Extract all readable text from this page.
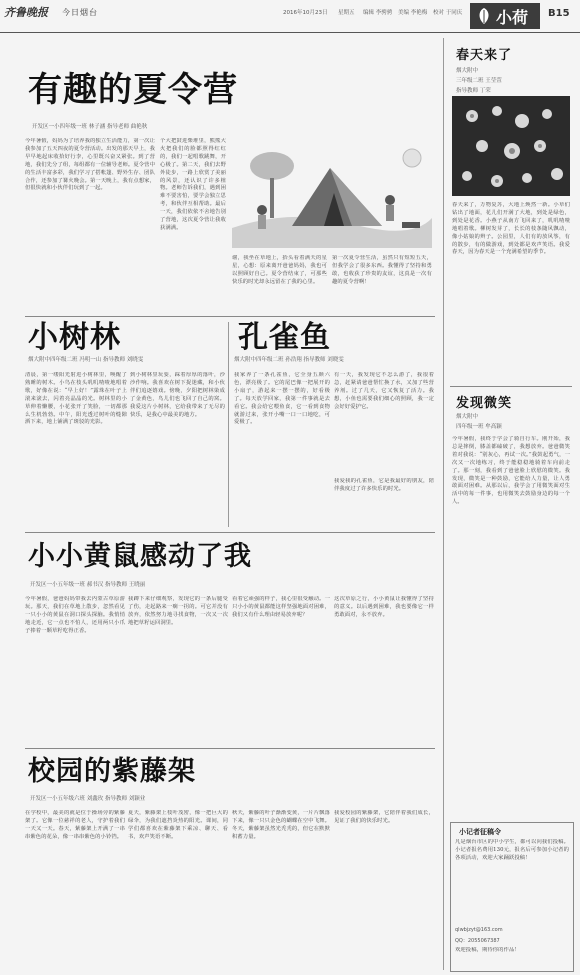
齐鲁晚报 今日烟台	2016年10月23日 星期五 编辑 李骋骋 美编 李艳梅 校对 于同庆 小荷 B15
有趣的夏令营
开发区一小四年级一班 林子涵 指导老师 曲艳秋
今年暑假，妈妈为了培养我的独立生活能力，第一次让我参加了五天四夜的夏令营活动。出发的那天早上，我早早地起床收拾好行李，心里既兴奋又紧张。到了营地，我们先分了组，每组都有一位辅导老师。夏令营中的生活丰富多彩，我们学习了搭帐篷、野外生存、团队合作，还参加了篝火晚会。第一天晚上，我有点想家，但很快就和小伙伴们玩到了一起。
个大把鼓进柴堆里，熊熊大火把我们的脸都照得红红的，我们一起唱歌跳舞，开心极了。第二天，我们去野外徒步，一路上欣赏了美丽的风景，还认识了许多植物。老师告诉我们，遇到困难不要害怕，要学会独立思考，和伙伴互相帮助。最后一天，我们依依不舍地告别了营地，这次夏令营让我收获满满。
谢，我坐在草地上，抬头看着满天的星星，心想：原来离开爸爸妈妈，我也可以照顾好自己。夏令营结束了，可那些快乐的时光却永远留在了我的心里。
第一次夏令营生活，虽然只有短短五天，但我学会了很多东西。我懂得了坚持和勇敢，也收获了珍贵的友谊，这真是一次有趣的夏令营啊！
小树林
烟大附中四年级二班 冯明一山 指导教师 刘晓雯
清晨，第一缕阳光射进小树林里，唤醒了熟睡的树木。小鸟在枝头叽叽喳喳地唱着歌，好像在说：“早上好！”露珠在叶子上滚来滚去，闪着亮晶晶的光。树林里的小草伸着懒腰，小花张开了笑脸，一切都那么生机勃勃。中午，阳光透过树叶的缝隙洒下来，地上铺满了斑驳的光影。
到小树林里玩耍，踩着厚厚的落叶，沙沙作响。我喜欢在树下捉迷藏，和小伙伴们追逐嬉戏。傍晚，夕阳把树林染成了金黄色，鸟儿们也飞回了自己的窝。我爱这片小树林，它给我带来了无尽的快乐，是我心中最美的地方。
孔雀鱼
烟大附中四年级二班 孙浩翔 指导教师 刘晓雯
我家养了一条孔雀鱼，它全身五颜六色，漂亮极了。它的尾巴像一把展开的小扇子，游起来一摆一摆的，好看极了。每天放学回家，我第一件事就是去看它。我会给它喂鱼食，它一看到食物就游过来，张开小嘴一口一口地吃，可爱极了。
有一天，我发现它不怎么游了，我很着急，赶紧请爸爸帮忙换了水，又加了些营养剂。过了几天，它又恢复了活力。我想，小鱼也需要我们细心的照顾，我一定会好好爱护它。
我爱我的孔雀鱼，它是我最好的朋友，陪伴我度过了许多快乐的时光。
小小黄鼠感动了我
开发区一小五年级一班 郝书汉 指导教师 王晓丽
今年暑假，爸爸妈妈带我去内蒙古草原游玩。那天，我们在草地上散步，忽然看见一只小小的黄鼠在洞口探头探脑。我悄悄地走近，它一点也不怕人，还用两只小爪子捧着一颗草籽吃得正香。
我蹲下来仔细观察，发现它的一条后腿受了伤，走起路来一瘸一拐的。可它并没有放弃，依然努力地寻找食物，一次又一次地把草籽运回洞里。
看着它顽强的样子，我心里很受触动。一只小小的黄鼠都能这样坚强地面对困难，我们又有什么理由轻易放弃呢？
这次草原之行，小小黄鼠让我懂得了坚持的意义。以后遇到困难，我也要像它一样勇敢面对，永不放弃。
校园的紫藤架
开发区一小五年级六班 刘鑫玫 指导教师 刘颖业
在学校中，最美的就是位于操场旁的紫藤架了。它像一位慈祥的老人，守护着我们一天又一天。春天，紫藤架上开满了一串串紫色的花朵，像一串串紫色的小铃铛。
夏天，紫藤架上枝叶茂密，像一把巨大的绿伞，为我们遮挡炎热的阳光。课间，同学们都喜欢在紫藤架下乘凉、聊天、看书，欢声笑语不断。
秋天，紫藤的叶子渐渐变黄，一片片飘落下来，像一只只金色的蝴蝶在空中飞舞。冬天，紫藤架虽然光秃秃的，但它在默默积蓄力量。
我爱校园的紫藤架，它陪伴着我们成长，见证了我们的快乐时光。
春天来了
烟大附中
三年级二班 王莹萱
指导教师 丁荣
春天来了，万物复苏，大地上焕然一新。小草们钻出了地面，花儿们开满了大地，到处是绿色，到处是花香。小燕子从南方飞回来了，叽叽喳喳地唱着歌。柳树发芽了，长长的枝条随风飘动，像小姑娘的辫子。公园里，人们有的放风筝，有的散步，有的做游戏，到处都是欢声笑语。我爱春天，因为春天是一个充满希望的季节。
发现微笑
烟大附中
四年级一班 牟高颖
今年暑假，我终于学会了骑自行车。刚开始，我总是摔倒，膝盖都磕破了，我想放弃。爸爸微笑着对我说：“别灰心，再试一次。”我鼓起勇气，一次又一次地练习，终于能稳稳地骑着车向前走了。那一刻，我看到了爸爸脸上欣慰的微笑。我发现，微笑是一种鼓励，它能给人力量，让人勇敢面对困难。从那以后，我学会了用微笑面对生活中的每一件事，也用微笑去鼓励身边的每一个人。
小记者征稿令
凡是烟台市区的中小学生，都可以向我们投稿。小记者报名费用130元，报名后可参加小记者的各项活动，欢迎大家踊跃投稿！
qlwbjzyt@163.com
QQ：2055067387
欢迎投稿，期待你的作品！
